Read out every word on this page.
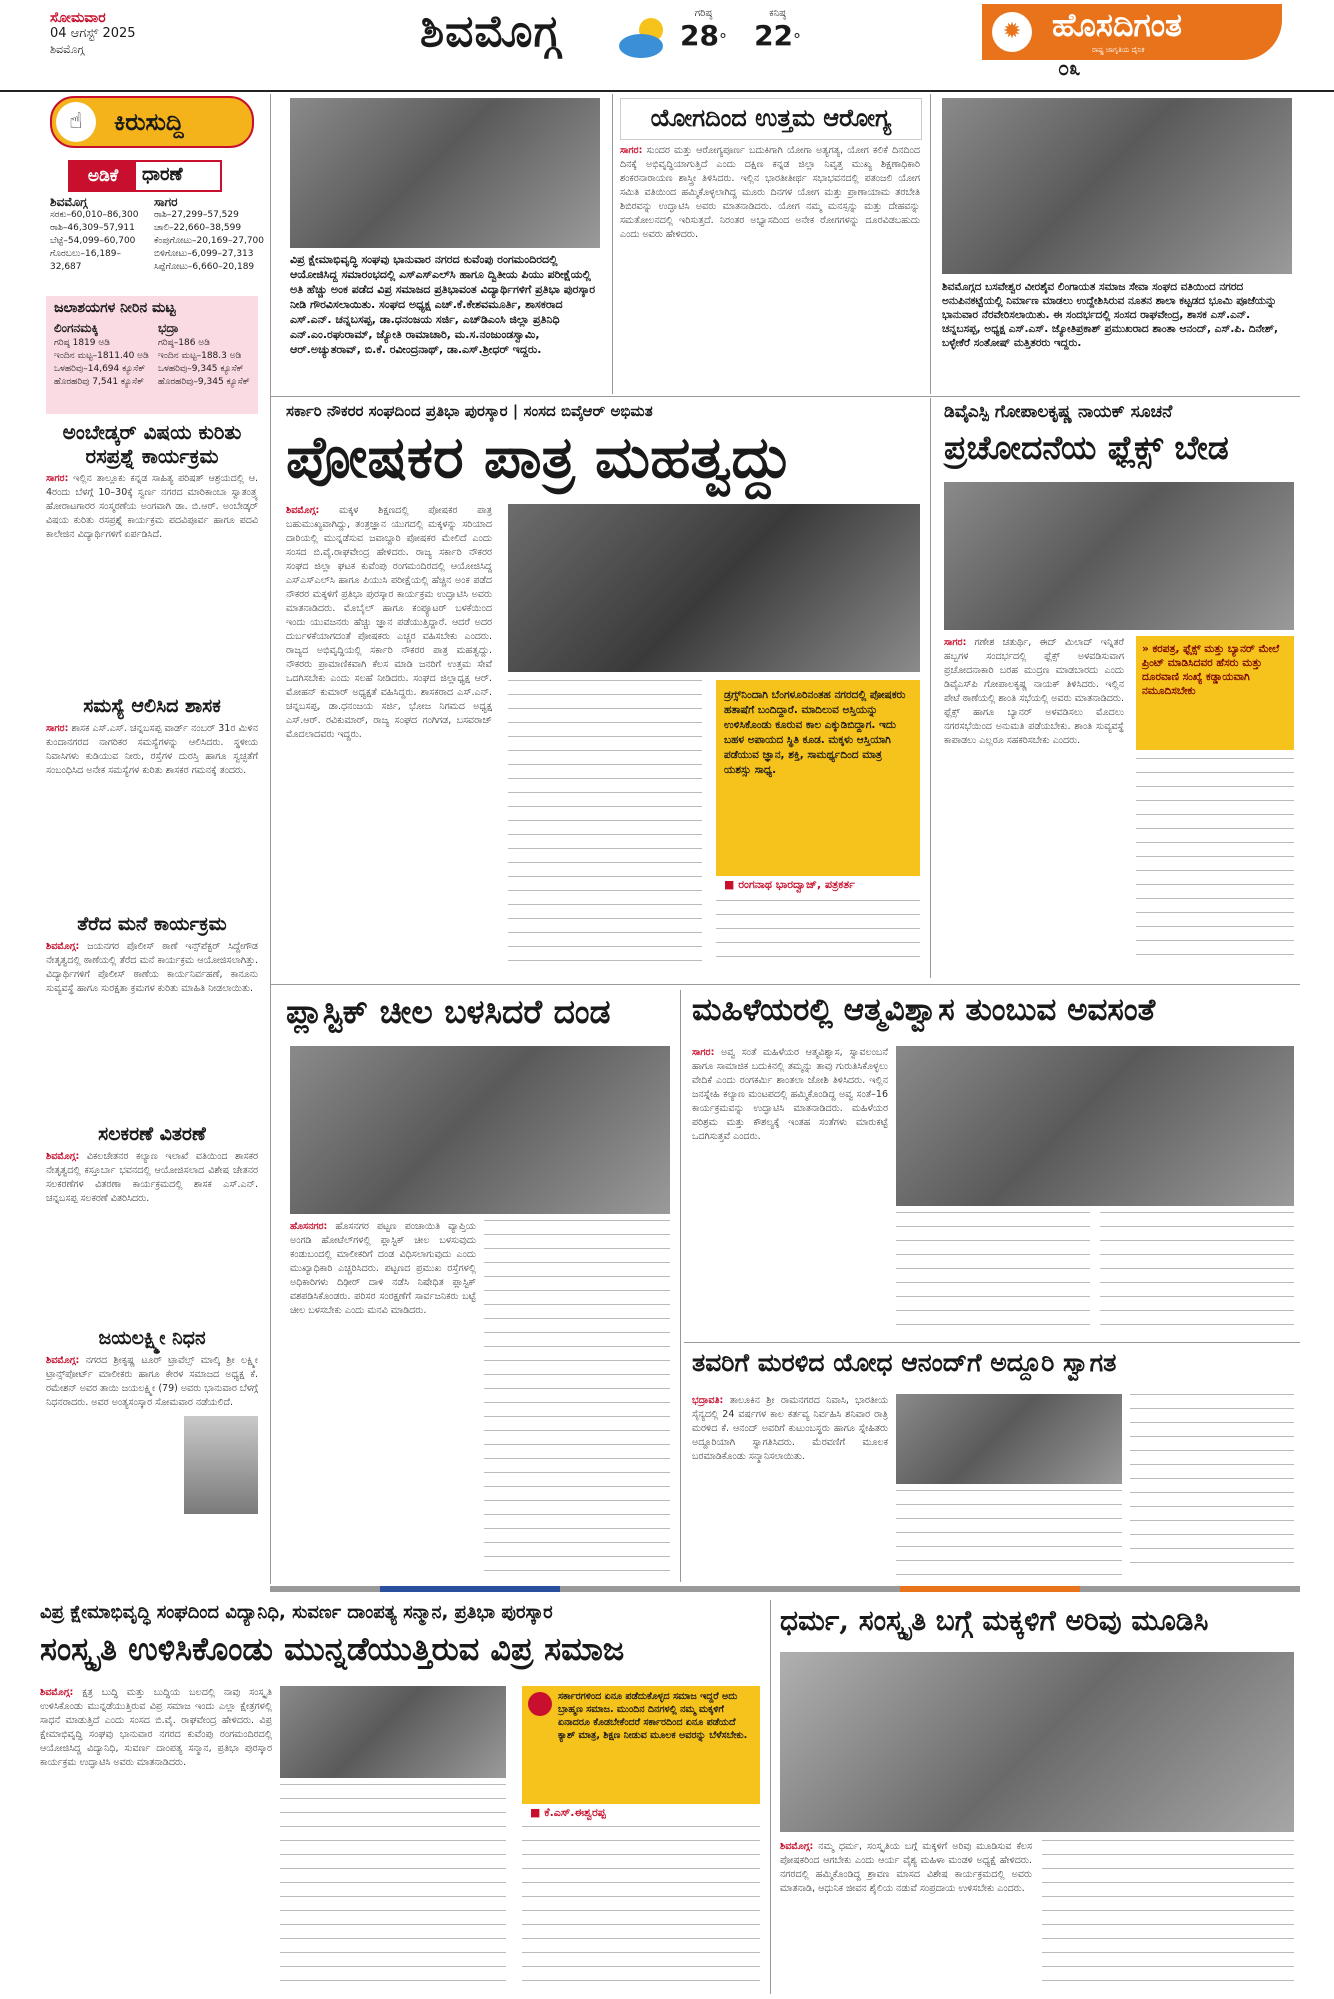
ಸೋಮವಾರ
04 ಆಗಸ್ಟ್ 2025
ಶಿವಮೊಗ್ಗ	ಶಿವಮೊಗ್ಗ	ಗರಿಷ್ಠ
28°
ಕನಿಷ್ಠ
22°	✹ ಹೊಸದಿಗಂತ
ರಾಷ್ಟ್ರ ಜಾಗೃತಿಯ ದೈನಿಕ
೦೩
☝	ಕಿರುಸುದ್ದಿ
ಅಡಿಕೆ	ಧಾರಣೆ
ಶಿವಮೊಗ್ಗ
ಸರಕು–60,010–86,300
ರಾಶಿ–46,309–57,911
ಬೆಟ್ಟೆ–54,099–60,700
ಗೊರಬಲು–16,189–32,687
ಸಾಗರ
ರಾಶಿ–27,299–57,529
ಚಾಲಿ–22,660–38,599
ಕೆಂಪುಗೋಟು–20,169–27,700
ಬಿಳಿಗೋಟು–6,099–27,313
ಸಿಪ್ಪೆಗೋಟು–6,660–20,189
ಜಲಾಶಯಗಳ ನೀರಿನ ಮಟ್ಟ
ಲಿಂಗನಮಕ್ಕಿ
ಗರಿಷ್ಠ 1819 ಅಡಿ
ಇಂದಿನ ಮಟ್ಟ–1811.40 ಅಡಿ
ಒಳಹರಿವು–14,694 ಕ್ಯೂಸೆಕ್
ಹೊರಹರಿವು 7,541 ಕ್ಯೂಸೆಕ್
ಭದ್ರಾ
ಗರಿಷ್ಠ–186 ಅಡಿ
ಇಂದಿನ ಮಟ್ಟ–188.3 ಅಡಿ
ಒಳಹರಿವು–9,345 ಕ್ಯೂಸೆಕ್
ಹೊರಹರಿವು–9,345 ಕ್ಯೂಸೆಕ್
ಅಂಬೇಡ್ಕರ್ ವಿಷಯ ಕುರಿತು ರಸಪ್ರಶ್ನೆ ಕಾರ್ಯಕ್ರಮ
ಸಾಗರ: ಇಲ್ಲಿನ ತಾಲ್ಲೂಕು ಕನ್ನಡ ಸಾಹಿತ್ಯ ಪರಿಷತ್ ಆಶ್ರಯದಲ್ಲಿ ಆ. 4ರಂದು ಬೆಳಗ್ಗೆ 10–30ಕ್ಕೆ ಸ್ವರ್ಣ ನಗರದ ಮಾರಿಕಾಂಬಾ ಸ್ವಾತಂತ್ರ್ಯ ಹೋರಾಟಗಾರರ ಸಂಸ್ಮರಣೆಯ ಅಂಗವಾಗಿ ಡಾ. ಬಿ.ಆರ್. ಅಂಬೇಡ್ಕರ್ ವಿಷಯ ಕುರಿತು ರಸಪ್ರಶ್ನೆ ಕಾರ್ಯಕ್ರಮ ಪದವಿಪೂರ್ವ ಹಾಗೂ ಪದವಿ ಕಾಲೇಜಿನ ವಿದ್ಯಾರ್ಥಿಗಳಿಗೆ ಏರ್ಪಡಿಸಿದೆ.
ಸಮಸ್ಯೆ ಆಲಿಸಿದ ಶಾಸಕ
ಸಾಗರ: ಶಾಸಕ ಎಸ್.ಎಸ್. ಚನ್ನಬಸಪ್ಪ ವಾರ್ಡ್ ನಂಬರ್ 31ರ ಮಿಳಿನ ಕುಂದಾನಗರದ ನಾಗರಿಕರ ಸಮಸ್ಯೆಗಳನ್ನು ಆಲಿಸಿದರು. ಸ್ಥಳೀಯ ನಿವಾಸಿಗಳು ಕುಡಿಯುವ ನೀರು, ರಸ್ತೆಗಳ ದುರಸ್ತಿ ಹಾಗೂ ಸ್ವಚ್ಛತೆಗೆ ಸಂಬಂಧಿಸಿದ ಅನೇಕ ಸಮಸ್ಯೆಗಳ ಕುರಿತು ಶಾಸಕರ ಗಮನಕ್ಕೆ ತಂದರು.
ತೆರೆದ ಮನೆ ಕಾರ್ಯಕ್ರಮ
ಶಿವಮೊಗ್ಗ: ಜಯನಗರ ಪೊಲೀಸ್ ಠಾಣೆ ಇನ್ಸ್‌ಪೆಕ್ಟರ್ ಸಿದ್ದೇಗೌಡ ನೇತೃತ್ವದಲ್ಲಿ ಠಾಣೆಯಲ್ಲಿ ತೆರೆದ ಮನೆ ಕಾರ್ಯಕ್ರಮ ಆಯೋಜಿಸಲಾಗಿತ್ತು. ವಿದ್ಯಾರ್ಥಿಗಳಿಗೆ ಪೊಲೀಸ್ ಠಾಣೆಯ ಕಾರ್ಯನಿರ್ವಹಣೆ, ಕಾನೂನು ಸುವ್ಯವಸ್ಥೆ ಹಾಗೂ ಸುರಕ್ಷತಾ ಕ್ರಮಗಳ ಕುರಿತು ಮಾಹಿತಿ ನೀಡಲಾಯಿತು.
ಸಲಕರಣೆ ವಿತರಣೆ
ಶಿವಮೊಗ್ಗ: ವಿಕಲಚೇತನರ ಕಲ್ಯಾಣ ಇಲಾಖೆ ವತಿಯಿಂದ ಶಾಸಕರ ನೇತೃತ್ವದಲ್ಲಿ ಕಸ್ತೂರ್ಬಾ ಭವನದಲ್ಲಿ ಆಯೋಜಿಸಲಾದ ವಿಶೇಷ ಚೇತನರ ಸಲಕರಣೆಗಳ ವಿತರಣಾ ಕಾರ್ಯಕ್ರಮದಲ್ಲಿ ಶಾಸಕ ಎಸ್.ಎನ್. ಚನ್ನಬಸಪ್ಪ ಸಲಕರಣೆ ವಿತರಿಸಿದರು.
ಜಯಲಕ್ಷ್ಮೀ ನಿಧನ
ಶಿವಮೊಗ್ಗ: ನಗರದ ಶ್ರೀಕೃಷ್ಣ ಟೂರ್ ಟ್ರಾವೆಲ್ಸ್ ಮಾಲ್ಕಿ ಶ್ರೀ ಲಕ್ಷ್ಮೀ ಟ್ರಾನ್ಸ್‌ಪೋರ್ಟ್ ಮಾಲೀಕರು ಹಾಗೂ ಕೇರಳ ಸಮಾಜದ ಅಧ್ಯಕ್ಷ ಕೆ. ರಮೇಶನ್ ಅವರ ತಾಯಿ ಜಯಲಕ್ಷ್ಮೀ (79) ಅವರು ಭಾನುವಾರ ಬೆಳಗ್ಗೆ ನಿಧನರಾದರು. ಅವರ ಅಂತ್ಯಸಂಸ್ಕಾರ ಸೋಮವಾರ ನಡೆಯಲಿದೆ.
ವಿಪ್ರ ಕ್ಷೇಮಾಭಿವೃದ್ಧಿ ಸಂಘವು ಭಾನುವಾರ ನಗರದ ಕುವೆಂಪು ರಂಗಮಂದಿರದಲ್ಲಿ ಆಯೋಜಿಸಿದ್ದ ಸಮಾರಂಭದಲ್ಲಿ ಎಸ್‌ಎಸ್‌ಎಲ್‌ಸಿ ಹಾಗೂ ದ್ವಿತೀಯ ಪಿಯು ಪರೀಕ್ಷೆಯಲ್ಲಿ ಅತಿ ಹೆಚ್ಚು ಅಂಕ ಪಡೆದ ವಿಪ್ರ ಸಮಾಜದ ಪ್ರತಿಭಾವಂತ ವಿದ್ಯಾರ್ಥಿಗಳಿಗೆ ಪ್ರತಿಭಾ ಪುರಸ್ಕಾರ ನೀಡಿ ಗೌರವಿಸಲಾಯಿತು. ಸಂಘದ ಅಧ್ಯಕ್ಷ ಎಚ್.ಕೆ.ಕೇಶವಮೂರ್ತಿ, ಶಾಸಕರಾದ ಎಸ್.ಎನ್. ಚನ್ನಬಸಪ್ಪ, ಡಾ.ಧನಂಜಯ ಸರ್ಜಿ, ಎಚ್‌ಡಿಎಂಸಿ ಜಿಲ್ಲಾ ಪ್ರತಿನಿಧಿ ಎನ್.ಎಂ.ರಘುರಾಮ್, ಜ್ಯೋತಿ ರಾಮಾಚಾರಿ, ಮ.ಸ.ನಂಜುಂಡಸ್ವಾಮಿ, ಆರ್.ಅಚ್ಯುತರಾವ್, ಬಿ.ಕೆ. ರವೀಂದ್ರನಾಥ್, ಡಾ.ಎಸ್.ಶ್ರೀಧರ್ ಇದ್ದರು.
ಯೋಗದಿಂದ ಉತ್ತಮ ಆರೋಗ್ಯ
ಸಾಗರ: ಸುಂದರ ಮತ್ತು ಆರೋಗ್ಯಪೂರ್ಣ ಬದುಕಿಗಾಗಿ ಯೋಗಾ ಅತ್ಯಗತ್ಯ, ಯೋಗ ಕಲಿಕೆ ದಿನದಿಂದ ದಿನಕ್ಕೆ ಅಭಿವೃದ್ಧಿಯಾಗುತ್ತಿದೆ ಎಂದು ದಕ್ಷಿಣ ಕನ್ನಡ ಜಿಲ್ಲಾ ನಿವೃತ್ತ ಮುಖ್ಯ ಶಿಕ್ಷಣಾಧಿಕಾರಿ ಶಂಕರನಾರಾಯಣ ಶಾಸ್ತ್ರೀ ತಿಳಿಸಿದರು. ಇಲ್ಲಿನ ಭಾರತೀತೀರ್ಥ ಸಭಾಭವನದಲ್ಲಿ ಪತಂಜಲಿ ಯೋಗ ಸಮಿತಿ ವತಿಯಿಂದ ಹಮ್ಮಿಕೊಳ್ಳಲಾಗಿದ್ದ ಮೂರು ದಿನಗಳ ಯೋಗ ಮತ್ತು ಪ್ರಾಣಾಯಾಮ ತರಬೇತಿ ಶಿಬಿರವನ್ನು ಉದ್ಘಾಟಿಸಿ ಅವರು ಮಾತನಾಡಿದರು. ಯೋಗ ನಮ್ಮ ಮನಸ್ಸನ್ನು ಮತ್ತು ದೇಹವನ್ನು ಸಮತೋಲನದಲ್ಲಿ ಇರಿಸುತ್ತದೆ. ನಿರಂತರ ಅಭ್ಯಾಸದಿಂದ ಅನೇಕ ರೋಗಗಳನ್ನು ದೂರವಿಡಬಹುದು ಎಂದು ಅವರು ಹೇಳಿದರು.
ಶಿವಮೊಗ್ಗದ ಬಸವೇಶ್ವರ ವೀರಶೈವ ಲಿಂಗಾಯತ ಸಮಾಜ ಸೇವಾ ಸಂಘದ ವತಿಯಿಂದ ನಗರದ ಅನುಪಿನಕಟ್ಟೆಯಲ್ಲಿ ನಿರ್ಮಾಣ ಮಾಡಲು ಉದ್ದೇಶಿಸಿರುವ ನೂತನ ಶಾಲಾ ಕಟ್ಟಡದ ಭೂಮಿ ಪೂಜೆಯನ್ನು ಭಾನುವಾರ ನೆರವೇರಿಸಲಾಯಿತು. ಈ ಸಂದರ್ಭದಲ್ಲಿ ಸಂಸದ ರಾಘವೇಂದ್ರ, ಶಾಸಕ ಎಸ್.ಎನ್. ಚನ್ನಬಸಪ್ಪ, ಅಧ್ಯಕ್ಷ ಎಸ್.ಎಸ್. ಜ್ಯೋತಿಪ್ರಕಾಶ್ ಪ್ರಮುಖರಾದ ಶಾಂತಾ ಆನಂದ್, ಎಸ್.ಪಿ. ದಿನೇಶ್, ಬಳ್ಳೇಕೆರೆ ಸಂತೋಷ್ ಮತ್ತಿತರರು ಇದ್ದರು.
ಸರ್ಕಾರಿ ನೌಕರರ ಸಂಘದಿಂದ ಪ್ರತಿಭಾ ಪುರಸ್ಕಾರ | ಸಂಸದ ಬಿವೈಆರ್ ಅಭಿಮತ
ಪೋಷಕರ ಪಾತ್ರ ಮಹತ್ವದ್ದು
ಶಿವಮೊಗ್ಗ: ಮಕ್ಕಳ ಶಿಕ್ಷಣದಲ್ಲಿ ಪೋಷಕರ ಪಾತ್ರ ಬಹುಮುಖ್ಯವಾಗಿದ್ದು, ತಂತ್ರಜ್ಞಾನ ಯುಗದಲ್ಲಿ ಮಕ್ಕಳನ್ನು ಸರಿಯಾದ ದಾರಿಯಲ್ಲಿ ಮುನ್ನಡೆಸುವ ಜವಾಬ್ದಾರಿ ಪೋಷಕರ ಮೇಲಿದೆ ಎಂದು ಸಂಸದ ಬಿ.ವೈ.ರಾಘವೇಂದ್ರ ಹೇಳಿದರು. ರಾಜ್ಯ ಸರ್ಕಾರಿ ನೌಕರರ ಸಂಘದ ಜಿಲ್ಲಾ ಘಟಕ ಕುವೆಂಪು ರಂಗಮಂದಿರದಲ್ಲಿ ಆಯೋಜಿಸಿದ್ದ ಎಸ್‌ಎಸ್‌ಎಲ್‌ಸಿ ಹಾಗೂ ಪಿಯುಸಿ ಪರೀಕ್ಷೆಯಲ್ಲಿ ಹೆಚ್ಚಿನ ಅಂಕ ಪಡೆದ ನೌಕರರ ಮಕ್ಕಳಿಗೆ ಪ್ರತಿಭಾ ಪುರಸ್ಕಾರ ಕಾರ್ಯಕ್ರಮ ಉದ್ಘಾಟಿಸಿ ಅವರು ಮಾತನಾಡಿದರು. ಮೊಬೈಲ್ ಹಾಗೂ ಕಂಪ್ಯೂಟರ್ ಬಳಕೆಯಿಂದ ಇಂದು ಯುವಜನರು ಹೆಚ್ಚು ಜ್ಞಾನ ಪಡೆಯುತ್ತಿದ್ದಾರೆ. ಆದರೆ ಅದರ ದುರ್ಬಳಕೆಯಾಗದಂತೆ ಪೋಷಕರು ಎಚ್ಚರ ವಹಿಸಬೇಕು ಎಂದರು. ರಾಜ್ಯದ ಅಭಿವೃದ್ಧಿಯಲ್ಲಿ ಸರ್ಕಾರಿ ನೌಕರರ ಪಾತ್ರ ಮಹತ್ವದ್ದು. ನೌಕರರು ಪ್ರಾಮಾಣಿಕವಾಗಿ ಕೆಲಸ ಮಾಡಿ ಜನರಿಗೆ ಉತ್ತಮ ಸೇವೆ ಒದಗಿಸಬೇಕು ಎಂದು ಸಲಹೆ ನೀಡಿದರು. ಸಂಘದ ಜಿಲ್ಲಾಧ್ಯಕ್ಷ ಆರ್. ಮೋಹನ್ ಕುಮಾರ್ ಅಧ್ಯಕ್ಷತೆ ವಹಿಸಿದ್ದರು. ಶಾಸಕರಾದ ಎಸ್.ಎನ್. ಚನ್ನಬಸಪ್ಪ, ಡಾ.ಧನಂಜಯ ಸರ್ಜಿ, ಭೋಜ ನಿಗಮದ ಅಧ್ಯಕ್ಷ ಎಸ್.ಆರ್. ರವಿಕುಮಾರ್, ರಾಜ್ಯ ಸಂಘದ ಗಂಗಿಗಡ, ಬಸವರಾಜ್ ಮೊದಲಾದವರು ಇದ್ದರು.
ಡ್ರಗ್ಸ್‌ನಿಂದಾಗಿ ಬೆಂಗಳೂರಿನಂತಹ ನಗರದಲ್ಲಿ ಪೋಷಕರು ಹತಾಷೆಗೆ ಬಂದಿದ್ದಾರೆ. ಮಾದಿಲುವ ಅಸ್ತಿಯನ್ನು ಉಳಿಸಿಕೊಂಡು ಕೂರುವ ಕಾಲ ಎಕ್ಕುಡಿಬಿದ್ದಾಗ. ಇದು ಬಹಳ ಅಪಾಯದ ಸ್ಥಿತಿ ಕೂಡ. ಮಕ್ಕಳು ಆಸ್ತಿಯಾಗಿ ಪಡೆಯುವ ಜ್ಞಾನ, ಶಕ್ತಿ, ಸಾಮರ್ಥ್ಯದಿಂದ ಮಾತ್ರ ಯಶಸ್ಸು ಸಾಧ್ಯ.
■ ರಂಗನಾಥ ಭಾರದ್ವಾಜ್, ಪತ್ರಕರ್ತ
ಡಿವೈಎಸ್ಪಿ ಗೋಪಾಲಕೃಷ್ಣ ನಾಯಕ್ ಸೂಚನೆ
ಪ್ರಚೋದನೆಯ ಫ್ಲೆಕ್ಸ್ ಬೇಡ
ಸಾಗರ: ಗಣೇಶ ಚತುರ್ಥಿ, ಈದ್ ಮಿಲಾದ್ ಇನ್ನಿತರೆ ಹಬ್ಬಗಳ ಸಂದರ್ಭದಲ್ಲಿ ಫ್ಲೆಕ್ಸ್ ಅಳವಡಿಸುವಾಗ ಪ್ರಚೋದನಾಕಾರಿ ಬರಹ ಮುದ್ರಣ ಮಾಡಬಾರದು ಎಂದು ಡಿವೈಎಸ್‌ಪಿ ಗೋಪಾಲಕೃಷ್ಣ ನಾಯಕ್ ತಿಳಿಸಿದರು. ಇಲ್ಲಿನ ಪೇಟೆ ಠಾಣೆಯಲ್ಲಿ ಶಾಂತಿ ಸಭೆಯಲ್ಲಿ ಅವರು ಮಾತನಾಡಿದರು. ಫ್ಲೆಕ್ಸ್ ಹಾಗೂ ಬ್ಯಾನರ್ ಅಳವಡಿಸಲು ಮೊದಲು ನಗರಸಭೆಯಿಂದ ಅನುಮತಿ ಪಡೆಯಬೇಕು. ಶಾಂತಿ ಸುವ್ಯವಸ್ಥೆ ಕಾಪಾಡಲು ಎಲ್ಲರೂ ಸಹಕರಿಸಬೇಕು ಎಂದರು.
» ಕರಪತ್ರ, ಫ್ಲೆಕ್ಸ್ ಮತ್ತು ಬ್ಯಾನರ್ ಮೇಲೆ ಪ್ರಿಂಟ್ ಮಾಡಿಸಿದವರ ಹೆಸರು ಮತ್ತು ದೂರವಾಣಿ ಸಂಖ್ಯೆ ಕಡ್ಡಾಯವಾಗಿ ನಮೂದಿಸಬೇಕು
ಪ್ಲಾಸ್ಟಿಕ್ ಚೀಲ ಬಳಸಿದರೆ ದಂಡ
ಹೊಸನಗರ: ಹೊಸನಗರ ಪಟ್ಟಣ ಪಂಚಾಯಿತಿ ವ್ಯಾಪ್ತಿಯ ಅಂಗಡಿ ಹೋಟೆಲ್‌ಗಳಲ್ಲಿ ಪ್ಲಾಸ್ಟಿಕ್ ಚೀಲ ಬಳಸುವುದು ಕಂಡುಬಂದಲ್ಲಿ ಮಾಲೀಕರಿಗೆ ದಂಡ ವಿಧಿಸಲಾಗುವುದು ಎಂದು ಮುಖ್ಯಾಧಿಕಾರಿ ಎಚ್ಚರಿಸಿದರು. ಪಟ್ಟಣದ ಪ್ರಮುಖ ರಸ್ತೆಗಳಲ್ಲಿ ಅಧಿಕಾರಿಗಳು ದಿಢೀರ್ ದಾಳಿ ನಡೆಸಿ ನಿಷೇಧಿತ ಪ್ಲಾಸ್ಟಿಕ್ ವಶಪಡಿಸಿಕೊಂಡರು. ಪರಿಸರ ಸಂರಕ್ಷಣೆಗೆ ಸಾರ್ವಜನಿಕರು ಬಟ್ಟೆ ಚೀಲ ಬಳಸಬೇಕು ಎಂದು ಮನವಿ ಮಾಡಿದರು.
ಮಹಿಳೆಯರಲ್ಲಿ ಆತ್ಮವಿಶ್ವಾಸ ತುಂಬುವ ಅವಸಂತೆ
ಸಾಗರ: ಅವ್ವ ಸಂತೆ ಮಹಿಳೆಯರ ಆತ್ಮವಿಶ್ವಾಸ, ಸ್ವಾವಲಂಬನೆ ಹಾಗೂ ಸಾಮಾಜಿಕ ಬದುಕಿನಲ್ಲಿ ತಮ್ಮನ್ನು ತಾವು ಗುರುತಿಸಿಕೊಳ್ಳಲು ವೇದಿಕೆ ಎಂದು ರಂಗಕರ್ಮಿ ಶಾಂತಲಾ ಜೋಶಿ ತಿಳಿಸಿದರು. ಇಲ್ಲಿನ ಜನಸ್ನೇಹಿ ಕಲ್ಯಾಣ ಮಂಟಪದಲ್ಲಿ ಹಮ್ಮಿಕೊಂಡಿದ್ದ ಅವ್ವ ಸಂತೆ–16 ಕಾರ್ಯಕ್ರಮವನ್ನು ಉದ್ಘಾಟಿಸಿ ಮಾತನಾಡಿದರು. ಮಹಿಳೆಯರ ಪರಿಶ್ರಮ ಮತ್ತು ಕೌಶಲ್ಯಕ್ಕೆ ಇಂತಹ ಸಂತೆಗಳು ಮಾರುಕಟ್ಟೆ ಒದಗಿಸುತ್ತವೆ ಎಂದರು.
ತವರಿಗೆ ಮರಳಿದ ಯೋಧ ಆನಂದ್‌ಗೆ ಅದ್ದೂರಿ ಸ್ವಾಗತ
ಭದ್ರಾವತಿ: ತಾಲೂಕಿನ ಶ್ರೀ ರಾಮನಗರದ ನಿವಾಸಿ, ಭಾರತೀಯ ಸೈನ್ಯದಲ್ಲಿ 24 ವರ್ಷಗಳ ಕಾಲ ಕರ್ತವ್ಯ ನಿರ್ವಹಿಸಿ ಶನಿವಾರ ರಾತ್ರಿ ಮರಳಿದ ಕೆ. ಆನಂದ್ ಅವರಿಗೆ ಕುಟುಂಬಸ್ಥರು ಹಾಗೂ ಸ್ನೇಹಿತರು ಅದ್ದೂರಿಯಾಗಿ ಸ್ವಾಗತಿಸಿದರು. ಮೆರವಣಿಗೆ ಮೂಲಕ ಬರಮಾಡಿಕೊಂಡು ಸನ್ಮಾನಿಸಲಾಯಿತು.
ವಿಪ್ರ ಕ್ಷೇಮಾಭಿವೃದ್ಧಿ ಸಂಘದಿಂದ ವಿದ್ಯಾನಿಧಿ, ಸುವರ್ಣ ದಾಂಪತ್ಯ ಸನ್ಮಾನ, ಪ್ರತಿಭಾ ಪುರಸ್ಕಾರ
ಸಂಸ್ಕೃತಿ ಉಳಿಸಿಕೊಂಡು ಮುನ್ನಡೆಯುತ್ತಿರುವ ವಿಪ್ರ ಸಮಾಜ
ಶಿವಮೊಗ್ಗ: ಕ್ಷತ್ರ ಬುದ್ಧಿ ಮತ್ತು ಬುದ್ಧಿಯ ಬಲದಲ್ಲಿ ನಾವು ಸಂಸ್ಕೃತಿ ಉಳಿಸಿಕೊಂಡು ಮುನ್ನಡೆಯುತ್ತಿರುವ ವಿಪ್ರ ಸಮಾಜ ಇಂದು ಎಲ್ಲಾ ಕ್ಷೇತ್ರಗಳಲ್ಲಿ ಸಾಧನೆ ಮಾಡುತ್ತಿದೆ ಎಂದು ಸಂಸದ ಬಿ.ವೈ. ರಾಘವೇಂದ್ರ ಹೇಳಿದರು. ವಿಪ್ರ ಕ್ಷೇಮಾಭಿವೃದ್ಧಿ ಸಂಘವು ಭಾನುವಾರ ನಗರದ ಕುವೆಂಪು ರಂಗಮಂದಿರದಲ್ಲಿ ಆಯೋಜಿಸಿದ್ದ ವಿದ್ಯಾನಿಧಿ, ಸುವರ್ಣ ದಾಂಪತ್ಯ ಸನ್ಮಾನ, ಪ್ರತಿಭಾ ಪುರಸ್ಕಾರ ಕಾರ್ಯಕ್ರಮ ಉದ್ಘಾಟಿಸಿ ಅವರು ಮಾತನಾಡಿದರು.
ಸರ್ಕಾರಗಳಿಂದ ಏನೂ ಪಡೆದುಕೊಳ್ಳದ ಸಮಾಜ ಇದ್ದರೆ ಅದು ಬ್ರಾಹ್ಮಣ ಸಮಾಜ. ಮುಂದಿನ ದಿನಗಳಲ್ಲಿ ನಮ್ಮ ಮಕ್ಕಳಿಗೆ ಏನಾದರೂ ಕೊಡಬೇಕೆಂದರೆ ಸರ್ಕಾರದಿಂದ ಏನೂ ಪಡೆಯದೆ ಕ್ಯಾಶ್ ಮಾತ್ರ, ಶಿಕ್ಷಣ ನೀಡುವ ಮೂಲಕ ಅವರನ್ನು ಬೆಳೆಸಬೇಕು.
■ ಕೆ.ಎಸ್.ಈಶ್ವರಪ್ಪ
ಧರ್ಮ, ಸಂಸ್ಕೃತಿ ಬಗ್ಗೆ ಮಕ್ಕಳಿಗೆ ಅರಿವು ಮೂಡಿಸಿ
ಶಿವಮೊಗ್ಗ: ನಮ್ಮ ಧರ್ಮ, ಸಂಸ್ಕೃತಿಯ ಬಗ್ಗೆ ಮಕ್ಕಳಿಗೆ ಅರಿವು ಮೂಡಿಸುವ ಕೆಲಸ ಪೋಷಕರಿಂದ ಆಗಬೇಕು ಎಂದು ಆರ್ಯ ವೈಶ್ಯ ಮಹಿಳಾ ಮಂಡಳಿ ಅಧ್ಯಕ್ಷೆ ಹೇಳಿದರು. ನಗರದಲ್ಲಿ ಹಮ್ಮಿಕೊಂಡಿದ್ದ ಶ್ರಾವಣ ಮಾಸದ ವಿಶೇಷ ಕಾರ್ಯಕ್ರಮದಲ್ಲಿ ಅವರು ಮಾತನಾಡಿ, ಆಧುನಿಕ ಜೀವನ ಶೈಲಿಯ ನಡುವೆ ಸಂಪ್ರದಾಯ ಉಳಿಸಬೇಕು ಎಂದರು.
